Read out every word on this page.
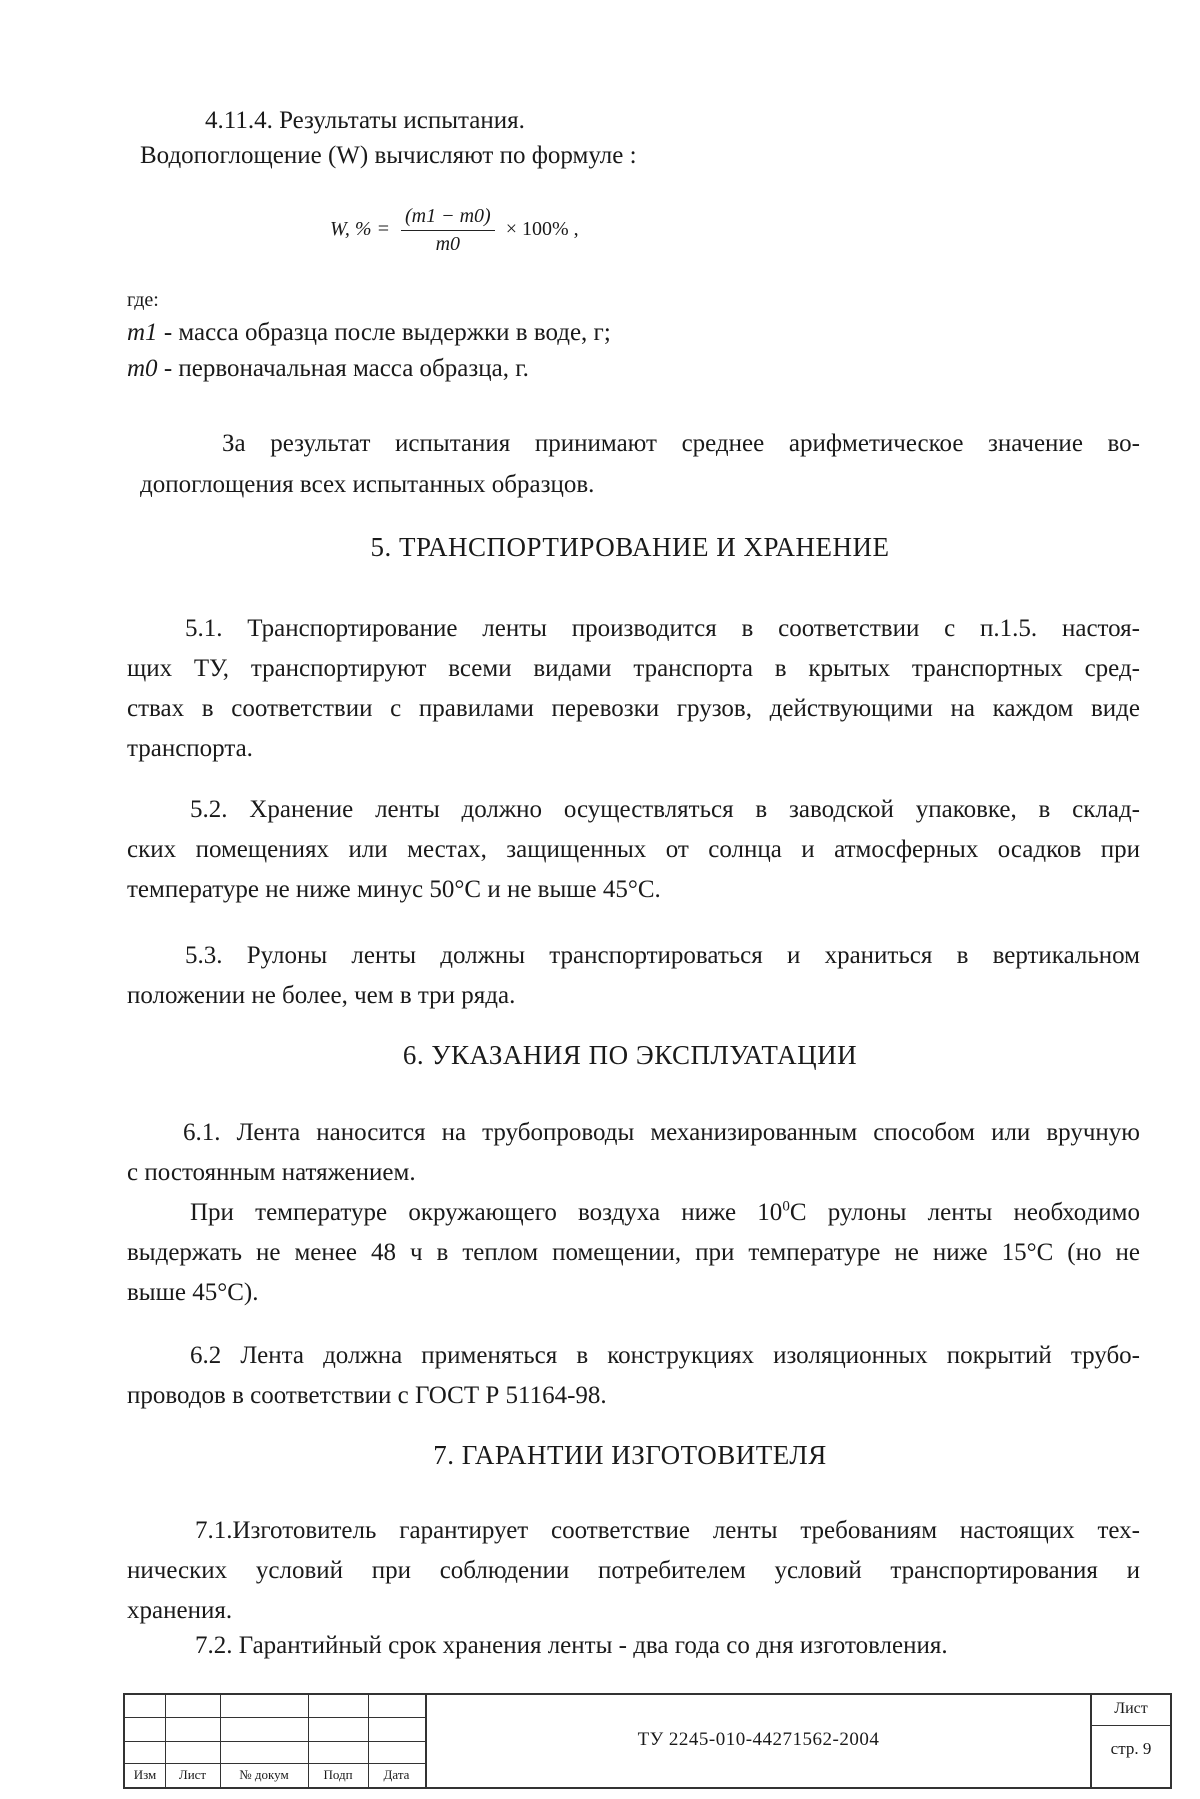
4.11.4. Результаты испытания.
Водопоглощение (W) вычисляют по формуле :
W, % = $\frac{(m1 - m0)}{m0} \times 100\%$ ,
где:
m1 - масса образца после выдержки в воде, г;
m0 - первоначальная масса образца, г.
За результат испытания принимают среднее арифметическое значение во-
допоглощения всех испытанных образцов.
5. ТРАНСПОРТИРОВАНИЕ И ХРАНЕНИЕ
5.1. Транспортирование ленты производится в соответствии с п.1.5. настоя-
щих ТУ, транспортируют всеми видами транспорта в крытых транспортных сред-
ствах в соответствии с правилами перевозки грузов, действующими на каждом виде
транспорта.
5.2. Хранение ленты должно осуществляться в заводской упаковке, в склад-
ских помещениях или местах, защищенных от солнца и атмосферных осадков при
температуре не ниже минус 50°С и не выше 45°С.
5.3. Рулоны ленты должны транспортироваться и храниться в вертикальном
положении не более, чем в три ряда.
6. УКАЗАНИЯ ПО ЭКСПЛУАТАЦИИ
6.1. Лента наносится на трубопроводы механизированным способом или вручную
с постоянным натяжением.
При температуре окружающего воздуха ниже $10^0С$ рулоны ленты необходимо
выдержать не менее 48 ч в теплом помещении, при температуре не ниже 15°С (но не
выше 45°С).
6.2 Лента должна применяться в конструкциях изоляционных покрытий трубо-
проводов в соответствии с ГОСТ Р 51164-98.
7. ГАРАНТИИ ИЗГОТОВИТЕЛЯ
7.1.Изготовитель гарантирует соответствие ленты требованиям настоящих тех-
нических условий при соблюдении потребителем условий транспортирования и
хранения.
7.2. Гарантийный срок хранения ленты - два года со дня изготовления.
Изм	Лист	№ докум	Подп	Дата
ТУ 2245-010-44271562-2004
Лист
стр. 9
